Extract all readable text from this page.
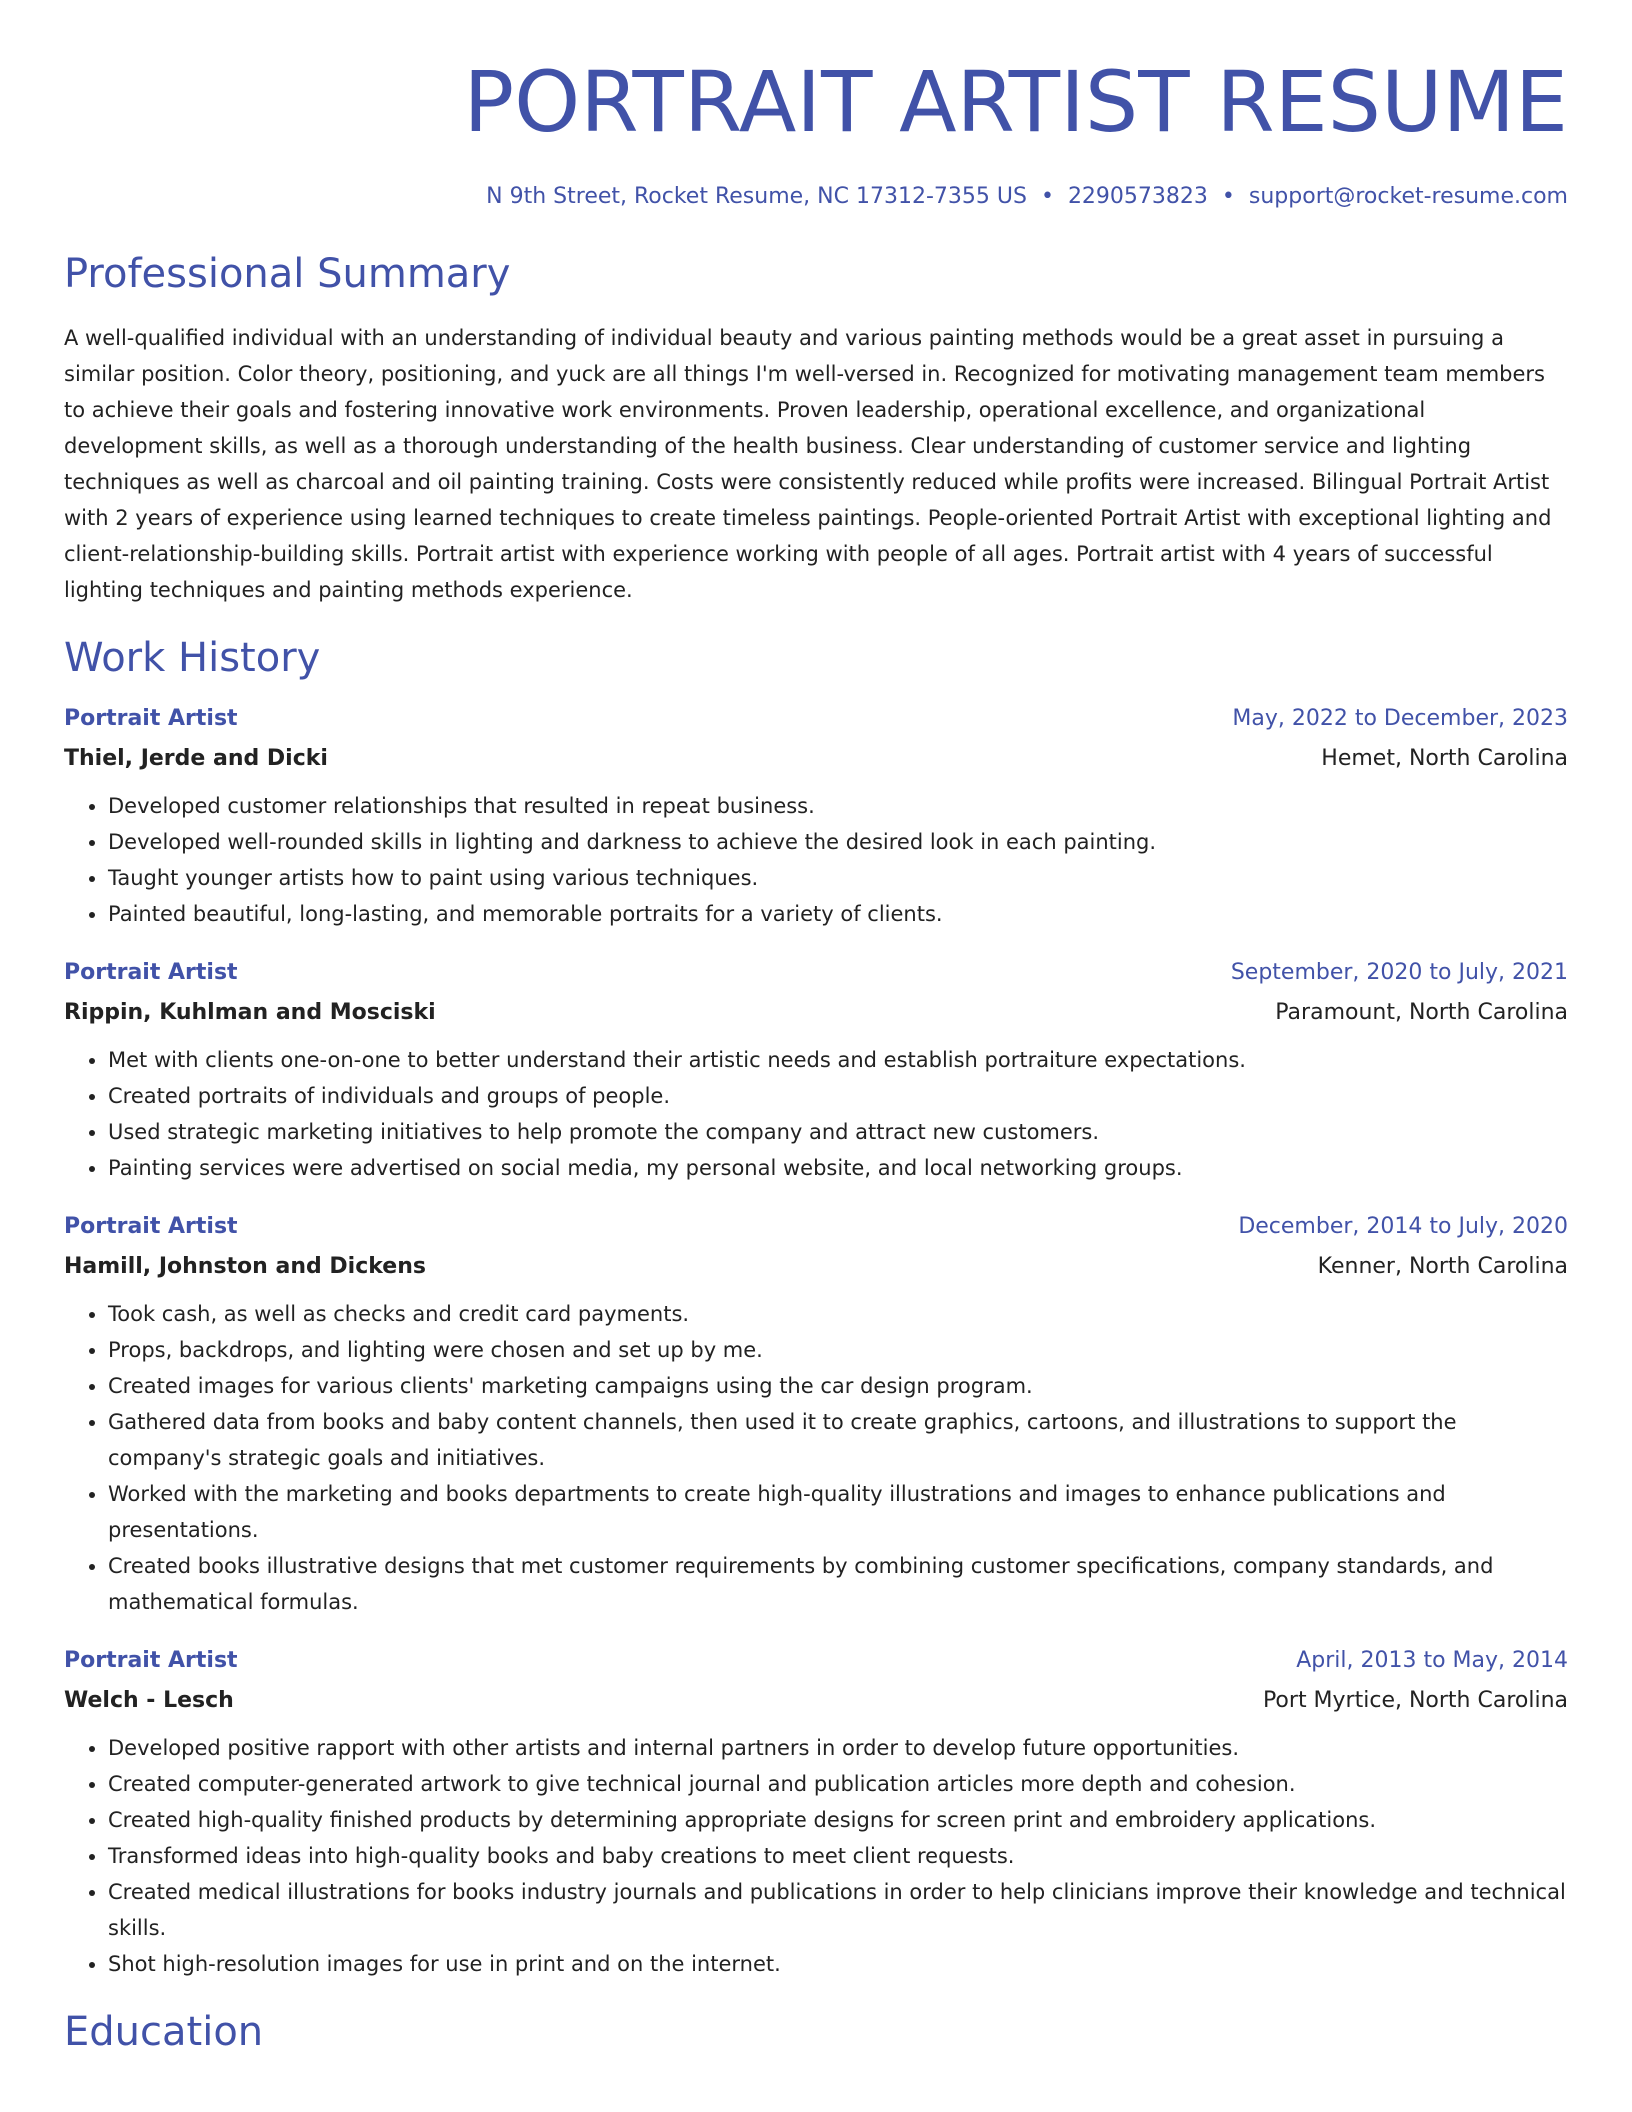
PORTRAIT ARTIST RESUME
N 9th Street, Rocket Resume, NC 17312-7355 US • 2290573823 • support@rocket-resume.com
Professional Summary
A well-qualified individual with an understanding of individual beauty and various painting methods would be a great asset in pursuing a similar position. Color theory, positioning, and yuck are all things I'm well-versed in. Recognized for motivating management team members to achieve their goals and fostering innovative work environments. Proven leadership, operational excellence, and organizational development skills, as well as a thorough understanding of the health business. Clear understanding of customer service and lighting techniques as well as charcoal and oil painting training. Costs were consistently reduced while profits were increased. Bilingual Portrait Artist with 2 years of experience using learned techniques to create timeless paintings. People-oriented Portrait Artist with exceptional lighting and client-relationship-building skills. Portrait artist with experience working with people of all ages. Portrait artist with 4 years of successful lighting techniques and painting methods experience.
Work History
Portrait Artist	May, 2022 to December, 2023
Thiel, Jerde and Dicki	Hemet, North Carolina
• Developed customer relationships that resulted in repeat business.
• Developed well-rounded skills in lighting and darkness to achieve the desired look in each painting.
• Taught younger artists how to paint using various techniques.
• Painted beautiful, long-lasting, and memorable portraits for a variety of clients.
Portrait Artist	September, 2020 to July, 2021
Rippin, Kuhlman and Mosciski	Paramount, North Carolina
• Met with clients one-on-one to better understand their artistic needs and establish portraiture expectations.
• Created portraits of individuals and groups of people.
• Used strategic marketing initiatives to help promote the company and attract new customers.
• Painting services were advertised on social media, my personal website, and local networking groups.
Portrait Artist	December, 2014 to July, 2020
Hamill, Johnston and Dickens	Kenner, North Carolina
• Took cash, as well as checks and credit card payments.
• Props, backdrops, and lighting were chosen and set up by me.
• Created images for various clients' marketing campaigns using the car design program.
• Gathered data from books and baby content channels, then used it to create graphics, cartoons, and illustrations to support the company's strategic goals and initiatives.
• Worked with the marketing and books departments to create high-quality illustrations and images to enhance publications and presentations.
• Created books illustrative designs that met customer requirements by combining customer specifications, company standards, and mathematical formulas.
Portrait Artist	April, 2013 to May, 2014
Welch - Lesch	Port Myrtice, North Carolina
• Developed positive rapport with other artists and internal partners in order to develop future opportunities.
• Created computer-generated artwork to give technical journal and publication articles more depth and cohesion.
• Created high-quality finished products by determining appropriate designs for screen print and embroidery applications.
• Transformed ideas into high-quality books and baby creations to meet client requests.
• Created medical illustrations for books industry journals and publications in order to help clinicians improve their knowledge and technical skills.
• Shot high-resolution images for use in print and on the internet.
Education
